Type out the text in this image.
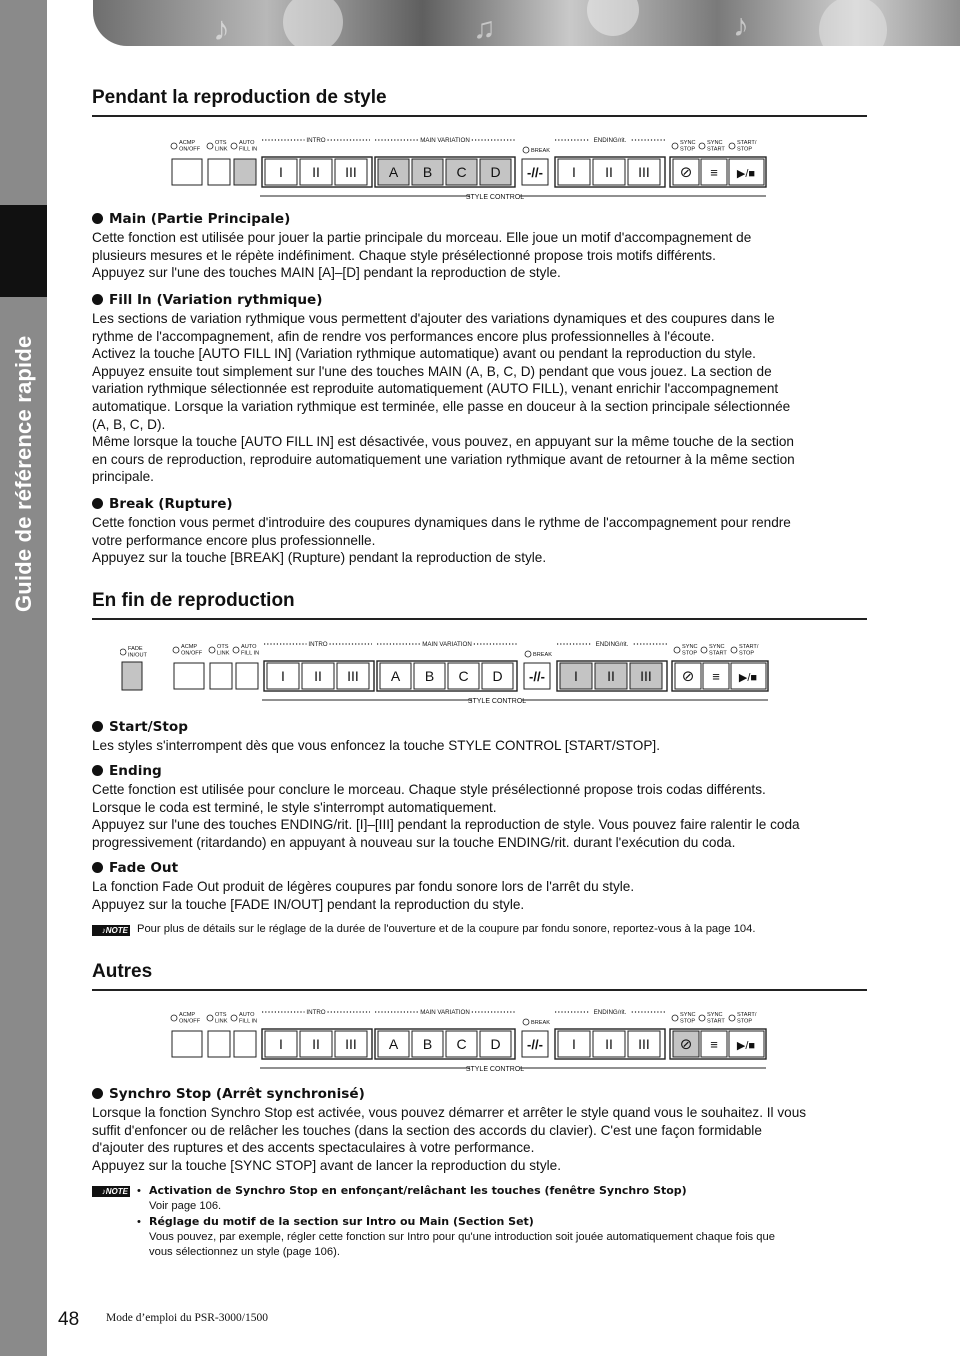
Guide de référence rapide
♪	♫	♪
Pendant la reproduction de style
ACMP
ON/OFF
OTS
LINK
AUTO
FILL IN
INTRO
I II III
MAIN VARIATION
A B C D
BREAK
-//-
ENDING/rit.
I II III
SYNC
STOP
SYNC
START
START/
STOP
⊘ ≡ ▶/■
STYLE CONTROL

Main (Partie Principale)

Cette fonction est utilisée pour jouer la partie principale du morceau. Elle joue un motif d'accompagnement de

plusieurs mesures et le répète indéfiniment. Chaque style présélectionné propose trois motifs différents.

Appuyez sur l'une des touches MAIN [A]–[D] pendant la reproduction de style.

Fill In (Variation rythmique)

Les sections de variation rythmique vous permettent d'ajouter des variations dynamiques et des coupures dans le

rythme de l'accompagnement, afin de rendre vos performances encore plus professionnelles à l'écoute.

Activez la touche [AUTO FILL IN] (Variation rythmique automatique) avant ou pendant la reproduction du style.

Appuyez ensuite tout simplement sur l'une des touches MAIN (A, B, C, D) pendant que vous jouez. La section de

variation rythmique sélectionnée est reproduite automatiquement (AUTO FILL), venant enrichir l'accompagnement

automatique. Lorsque la variation rythmique est terminée, elle passe en douceur à la section principale sélectionnée

(A, B, C, D).

Même lorsque la touche [AUTO FILL IN] est désactivée, vous pouvez, en appuyant sur la même touche de la section

en cours de reproduction, reproduire automatiquement une variation rythmique avant de retourner à la même section

principale.

Break (Rupture)

Cette fonction vous permet d'introduire des coupures dynamiques dans le rythme de l'accompagnement pour rendre

votre performance encore plus professionnelle.

Appuyez sur la touche [BREAK] (Rupture) pendant la reproduction de style.

En fin de reproduction
FADE
IN/OUT
ACMP
ON/OFF
OTS
LINK
AUTO
FILL IN
INTRO
I II III
MAIN VARIATION
A B C D
BREAK
-//-
ENDING/rit.
I II III
SYNC
STOP
SYNC
START
START/
STOP
⊘ ≡ ▶/■
STYLE CONTROL

Start/Stop

Les styles s'interrompent dès que vous enfoncez la touche STYLE CONTROL [START/STOP].

Ending

Cette fonction est utilisée pour conclure le morceau. Chaque style présélectionné propose trois codas différents.

Lorsque le coda est terminé, le style s'interrompt automatiquement.

Appuyez sur l'une des touches ENDING/rit. [I]–[III] pendant la reproduction de style. Vous pouvez faire ralentir le coda

progressivement (ritardando) en appuyant à nouveau sur la touche ENDING/rit. durant l'exécution du coda.

Fade Out

La fonction Fade Out produit de légères coupures par fondu sonore lors de l'arrêt du style.

Appuyez sur la touche [FADE IN/OUT] pendant la reproduction du style.

♪NOTE Pour plus de détails sur le réglage de la durée de l'ouverture et de la coupure par fondu sonore, reportez-vous à la page 104.
Autres
ACMP
ON/OFF
OTS
LINK
AUTO
FILL IN
INTRO
I II III
MAIN VARIATION
A B C D
BREAK
-//-
ENDING/rit.
I II III
SYNC
STOP
SYNC
START
START/
STOP
⊘ ≡ ▶/■
STYLE CONTROL

Synchro Stop (Arrêt synchronisé)

Lorsque la fonction Synchro Stop est activée, vous pouvez démarrer et arrêter le style quand vous le souhaitez. Il vous

suffit d'enfoncer ou de relâcher les touches (dans la section des accords du clavier). C'est une façon formidable

d'ajouter des ruptures et des accents spectaculaires à votre performance.

Appuyez sur la touche [SYNC STOP] avant de lancer la reproduction du style.

♪NOTE • Activation de Synchro Stop en enfonçant/relâchant les touches (fenêtre Synchro Stop)
Voir page 106.
• Réglage du motif de la section sur Intro ou Main (Section Set)
Vous pouvez, par exemple, régler cette fonction sur Intro pour qu'une introduction soit jouée automatiquement chaque fois que
vous sélectionnez un style (page 106).
48 Mode d’emploi du PSR-3000/1500
